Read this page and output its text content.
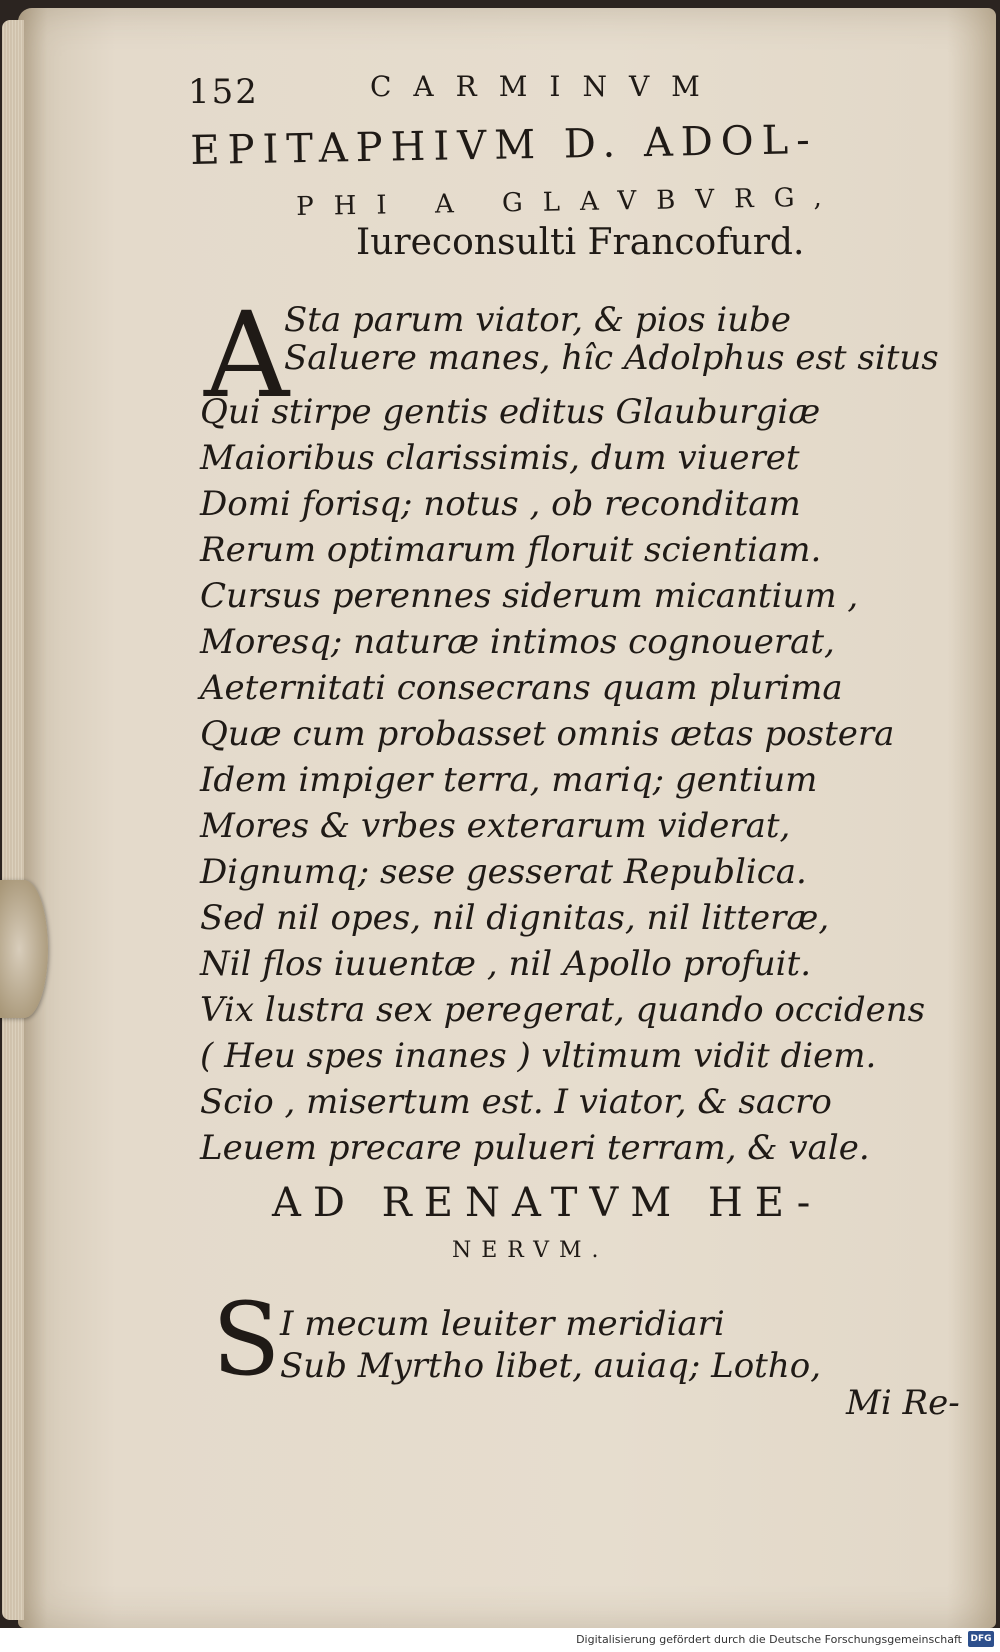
152	CARMINVM
EPITAPHIVM D. ADOL-
PHI A GLAVBVRG,
Iureconsulti Francofurd.
A
Sta parum viator, & pios iube
Saluere manes, hîc Adolphus est situs
Qui stirpe gentis editus Glauburgiæ
Maioribus clarissimis, dum viueret
Domi forisq; notus , ob reconditam
Rerum optimarum floruit scientiam.
Cursus perennes siderum micantium ,
Moresq; naturæ intimos cognouerat,
Aeternitati consecrans quam plurima
Quæ cum probasset omnis ætas postera
Idem impiger terra, mariq; gentium
Mores & vrbes exterarum viderat,
Dignumq; sese gesserat Republica.
Sed nil opes, nil dignitas, nil litteræ,
Nil flos iuuentæ , nil Apollo profuit.
Vix lustra sex peregerat, quando occidens
( Heu spes inanes ) vltimum vidit diem.
Scio , misertum est. I viator, & sacro
Leuem precare pulueri terram, & vale.
AD RENATVM HE-
NERVM.
S I mecum leuiter meridiari
Sub Myrtho libet, auiaq; Lotho,
Mi Re-
Digitalisierung gefördert durch die Deutsche Forschungsgemeinschaft DFG
